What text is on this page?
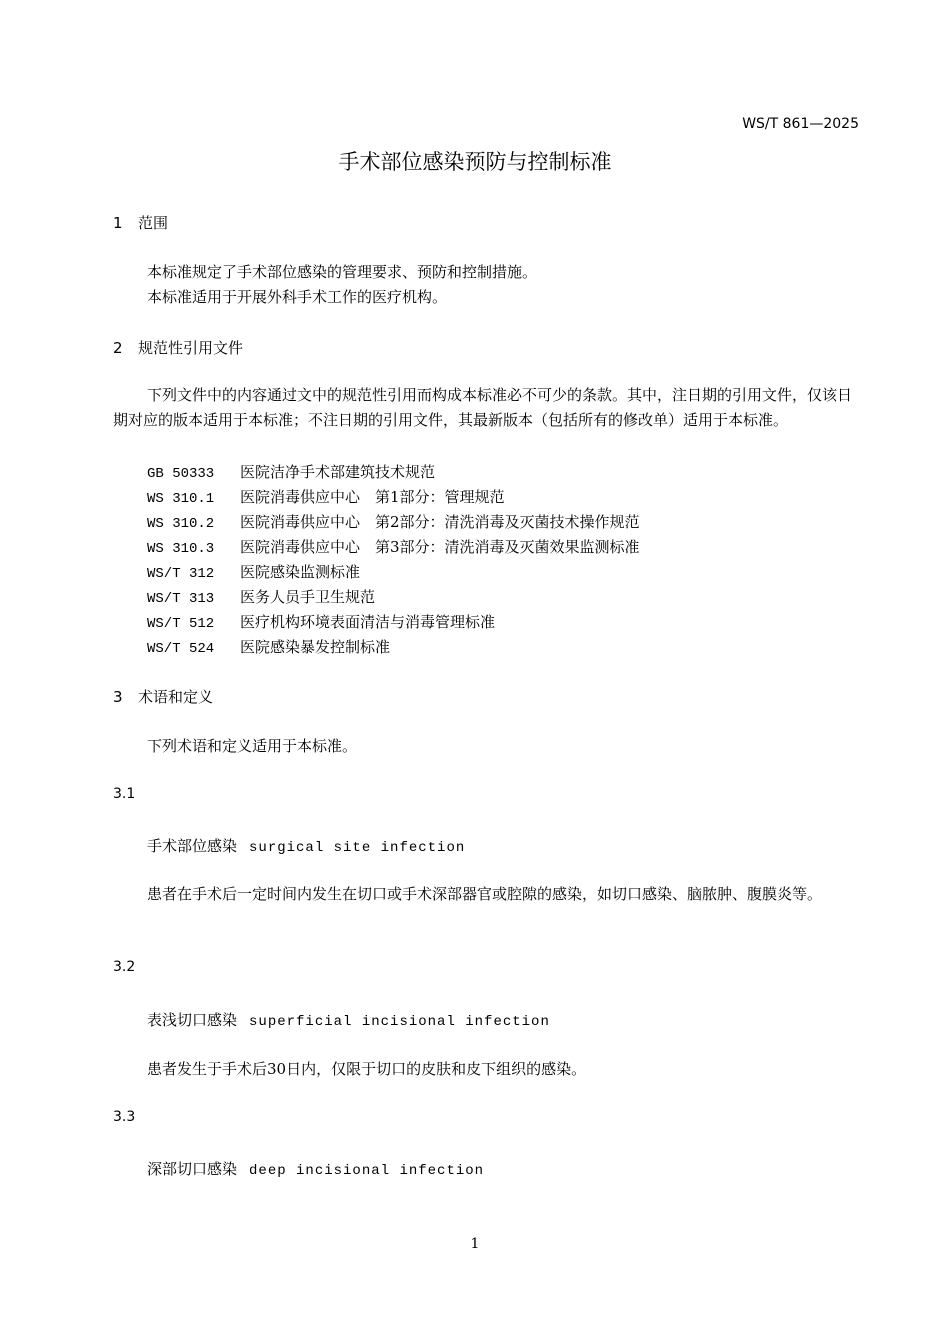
WS/T 861—2025
手术部位感染预防与控制标准
1 范围
本标准规定了手术部位感染的管理要求、预防和控制措施。
本标准适用于开展外科手术工作的医疗机构。
2 规范性引用文件
下列文件中的内容通过文中的规范性引用而构成本标准必不可少的条款。其中，注日期的引用文件，仅该日期对应的版本适用于本标准；不注日期的引用文件，其最新版本（包括所有的修改单）适用于本标准。
GB 50333 医院洁净手术部建筑技术规范
WS 310.1 医院消毒供应中心　第1部分：管理规范
WS 310.2 医院消毒供应中心　第2部分：清洗消毒及灭菌技术操作规范
WS 310.3 医院消毒供应中心　第3部分：清洗消毒及灭菌效果监测标准
WS/T 312 医院感染监测标准
WS/T 313 医务人员手卫生规范
WS/T 512 医疗机构环境表面清洁与消毒管理标准
WS/T 524 医院感染暴发控制标准
3 术语和定义
下列术语和定义适用于本标准。
3.1
手术部位感染 surgical site infection
患者在手术后一定时间内发生在切口或手术深部器官或腔隙的感染，如切口感染、脑脓肿、腹膜炎等。
3.2
表浅切口感染 superficial incisional infection
患者发生于手术后30日内，仅限于切口的皮肤和皮下组织的感染。
3.3
深部切口感染 deep incisional infection
1
